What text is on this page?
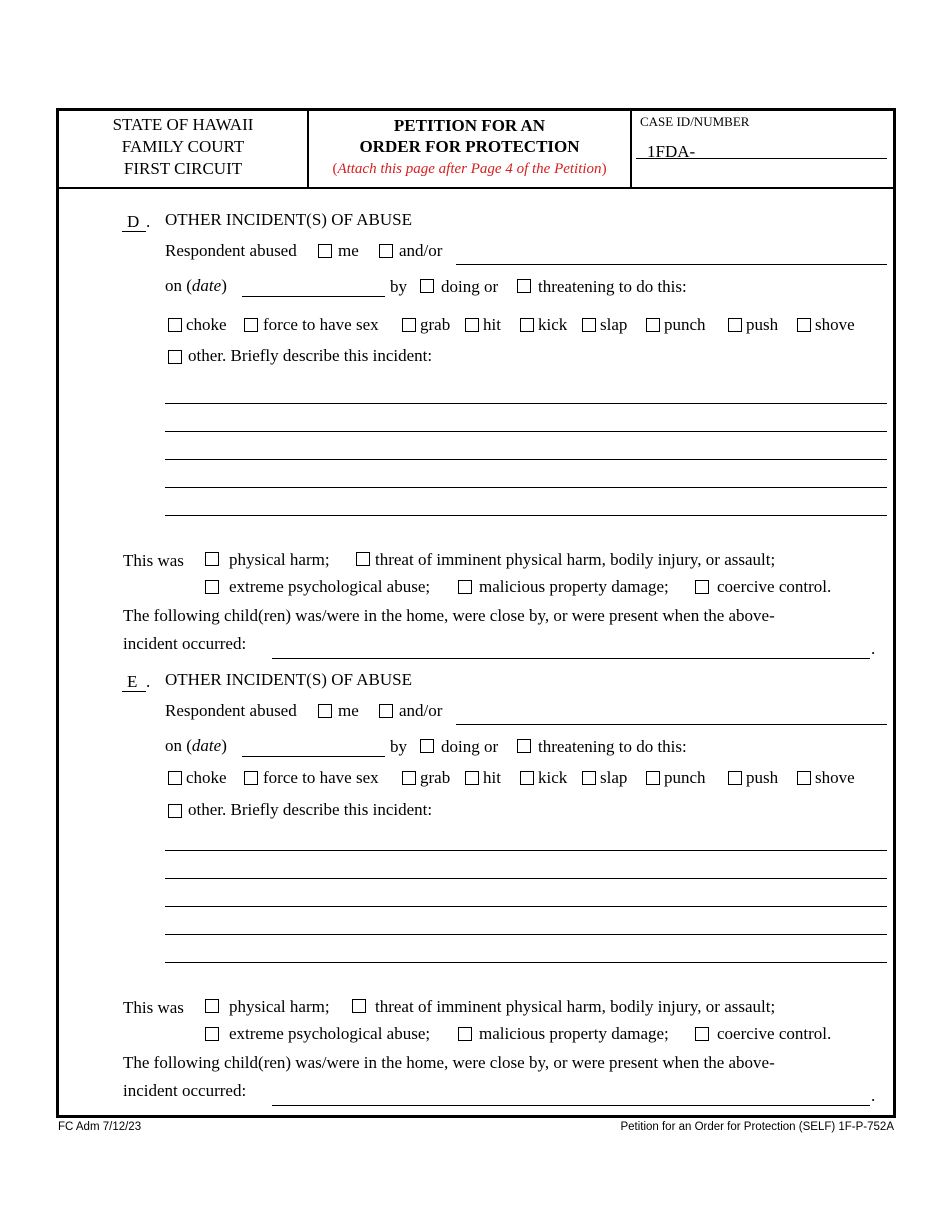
STATE OF HAWAII
FAMILY COURT
FIRST CIRCUIT
PETITION FOR AN
ORDER FOR PROTECTION
(Attach this page after Page 4 of the Petition)
CASE ID/NUMBER
1FDA-
D . OTHER INCIDENT(S) OF ABUSE
Respondent abused me and/or
on (date)	by doing or threatening to do this:
choke force to have sex grab hit kick slap punch push shove
other. Briefly describe this incident:
This was	physical harm;	threat of imminent physical harm, bodily injury, or assault;
extreme psychological abuse;	malicious property damage;	coercive control.
The following child(ren) was/were in the home, were close by, or were present when the above-
incident occurred:	.
E . OTHER INCIDENT(S) OF ABUSE
Respondent abused me and/or
on (date)	by doing or threatening to do this:
choke force to have sex grab hit kick slap punch push shove
other. Briefly describe this incident:
This was	physical harm;	threat of imminent physical harm, bodily injury, or assault;
extreme psychological abuse;	malicious property damage;	coercive control.
The following child(ren) was/were in the home, were close by, or were present when the above-
incident occurred:	.
FC Adm 7/12/23	Petition for an Order for Protection (SELF) 1F-P-752A
